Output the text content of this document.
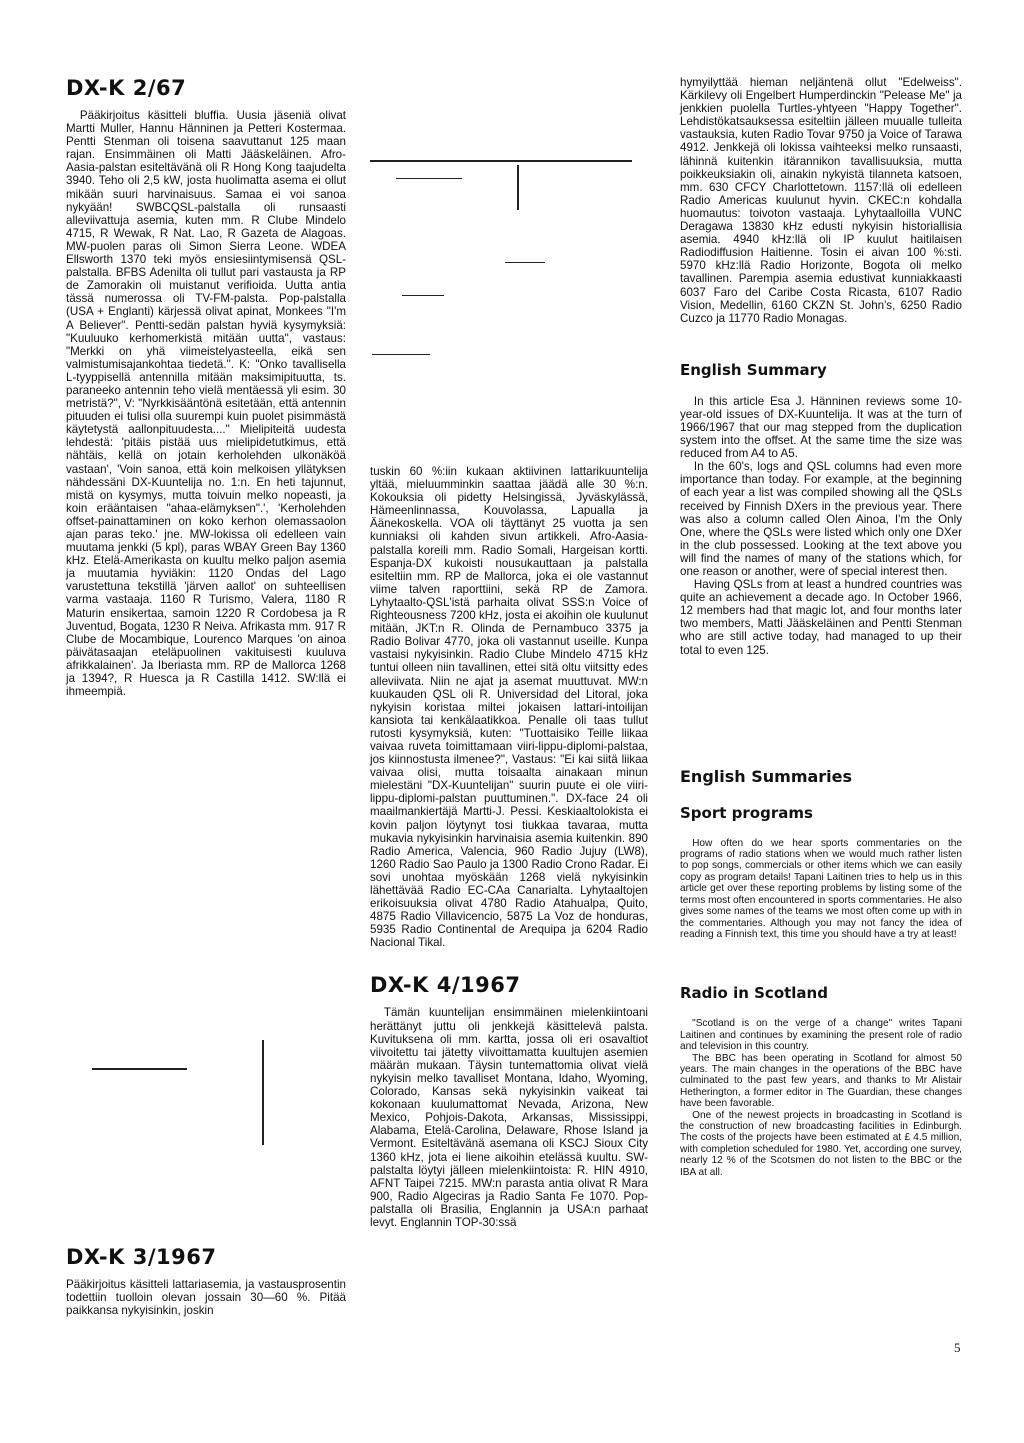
DX-K 2/67

Pääkirjoitus käsitteli bluffia. Uusia jäseniä olivat Martti Muller, Hannu Hänninen ja Petteri Kostermaa. Pentti Stenman oli toisena saavuttanut 125 maan rajan. Ensimmäinen oli Matti Jääskeläinen. Afro-Aasia-palstan esiteltävänä oli R Hong Kong taajudelta 3940. Teho oli 2,5 kW, josta huolimatta asema ei ollut mikään suuri harvinaisuus. Samaa ei voi sanoa nykyään! SWBCQSL-palstalla oli runsaasti alleviivattuja asemia, kuten mm. R Clube Mindelo 4715, R Wewak, R Nat. Lao, R Gazeta de Alagoas. MW-puolen paras oli Simon Sierra Leone. WDEA Ellsworth 1370 teki myös ensiesiintymisensä QSL-palstalla. BFBS Adenilta oli tullut pari vastausta ja RP de Zamorakin oli muistanut verifioida. Uutta antia tässä numerossa oli TV-FM-palsta. Pop-palstalla (USA + Englanti) kärjessä olivat apinat, Monkees "I'm A Believer". Pentti-sedän palstan hyviä kysymyksiä: "Kuuluuko kerhomerkistä mitään uutta", vastaus: "Merkki on yhä viimeistelyasteella, eikä sen valmistumisajankohtaa tiedetä.". K: "Onko tavallisella L-tyyppisellä antennilla mitään maksimipituutta, ts. paraneeko antennin teho vielä mentäessä yli esim. 30 metristä?", V: "Nyrkkisääntönä esitetään, että antennin pituuden ei tulisi olla suurempi kuin puolet pisimmästä käytetystä aallonpituudesta...." Mielipiteitä uudesta lehdestä: 'pitäis pistää uus mielipidetutkimus, että nähtäis, kellä on jotain kerholehden ulkonäköä vastaan', 'Voin sanoa, että koin melkoisen yllätyksen nähdessäni DX-Kuuntelija no. 1:n. En heti tajunnut, mistä on kysymys, mutta toivuin melko nopeasti, ja koin erääntaisen "ahaa-elämyksen".', 'Kerholehden offset-painattaminen on koko kerhon olemassaolon ajan paras teko.' jne. MW-lokissa oli edelleen vain muutama jenkki (5 kpl), paras WBAY Green Bay 1360 kHz. Etelä-Amerikasta on kuultu melko paljon asemia ja muutamia hyviäkin: 1120 Ondas del Lago varustettuna tekstillä 'järven aallot' on suhteellisen varma vastaaja. 1160 R Turismo, Valera, 1180 R Maturin ensikertaa, samoin 1220 R Cordobesa ja R Juventud, Bogata, 1230 R Neiva. Afrikasta mm. 917 R Clube de Mocambique, Lourenco Marques 'on ainoa päivätasaajan eteläpuolinen vakituisesti kuuluva afrikkalainen'. Ja Iberiasta mm. RP de Mallorca 1268 ja 1394?, R Huesca ja R Castilla 1412. SW:llä ei ihmeempiä.

DX-K 3/1967

Pääkirjoitus käsitteli lattariasemia, ja vastausprosentin todettiin tuolloin olevan jossain 30—60 %. Pitää paikkansa nykyisinkin, joskin

tuskin 60 %:iin kukaan aktiivinen lattarikuuntelija yltää, mieluumminkin saattaa jäädä alle 30 %:n. Kokouksia oli pidetty Helsingissä, Jyväskylässä, Hämeenlinnassa, Kouvolassa, Lapualla ja Äänekoskella. VOA oli täyttänyt 25 vuotta ja sen kunniaksi oli kahden sivun artikkeli. Afro-Aasia-palstalla koreili mm. Radio Somali, Hargeisan kortti. Espanja-DX kukoisti nousukauttaan ja palstalla esiteltiin mm. RP de Mallorca, joka ei ole vastannut viime talven raporttiini, sekä RP de Zamora. Lyhytaalto-QSL'istä parhaita olivat SSS:n Voice of Righteousness 7200 kHz, josta ei akoihin ole kuulunut mitään, JKT:n R. Olinda de Pernambuco 3375 ja Radio Bolivar 4770, joka oli vastannut useille. Kunpa vastaisi nykyisinkin. Radio Clube Mindelo 4715 kHz tuntui olleen niin tavallinen, ettei sitä oltu viitsitty edes alleviivata. Niin ne ajat ja asemat muuttuvat. MW:n kuukauden QSL oli R. Universidad del Litoral, joka nykyisin koristaa miltei jokaisen lattari-intoilijan kansiota tai kenkälaatikkoa. Penalle oli taas tullut rutosti kysymyksiä, kuten: "Tuottaisiko Teille liikaa vaivaa ruveta toimittamaan viiri-lippu-diplomi-palstaa, jos kiinnostusta ilmenee?", Vastaus: "Ei kai siitä liikaa vaivaa olisi, mutta toisaalta ainakaan minun mielestäni "DX-Kuuntelijan" suurin puute ei ole viiri-lippu-diplomi-palstan puuttuminen.". DX-face 24 oli maailmankiertäjä Martti-J. Pessi. Keskiaaltolokista ei kovin paljon löytynyt tosi tiukkaa tavaraa, mutta mukavia nykyisinkin harvinaisia asemia kuitenkin. 890 Radio America, Valencia, 960 Radio Jujuy (LW8), 1260 Radio Sao Paulo ja 1300 Radio Crono Radar. Ei sovi unohtaa myöskään 1268 vielä nykyisinkin lähettävää Radio EC-CAa Canarialta. Lyhytaaltojen erikoisuuksia olivat 4780 Radio Atahualpa, Quito, 4875 Radio Villavicencio, 5875 La Voz de honduras, 5935 Radio Continental de Arequipa ja 6204 Radio Nacional Tikal.

DX-K 4/1967

Tämän kuuntelijan ensimmäinen mielenkiintoani herättänyt juttu oli jenkkejä käsittelevä palsta. Kuvituksena oli mm. kartta, jossa oli eri osavaltiot viivoitettu tai jätetty viivoittamatta kuultujen asemien määrän mukaan. Täysin tuntemattomia olivat vielä nykyisin melko tavalliset Montana, Idaho, Wyoming, Colorado, Kansas sekä nykyisinkin vaikeat tai kokonaan kuulumattomat Nevada, Arizona, New Mexico, Pohjois-Dakota, Arkansas, Mississippi, Alabama, Etelä-Carolina, Delaware, Rhose Island ja Vermont. Esiteltävänä asemana oli KSCJ Sioux City 1360 kHz, jota ei liene aikoihin etelässä kuultu. SW-palstalta löytyi jälleen mielenkiintoista: R. HIN 4910, AFNT Taipei 7215. MW:n parasta antia olivat R Mara 900, Radio Algeciras ja Radio Santa Fe 1070. Pop-palstalla oli Brasilia, Englannin ja USA:n parhaat levyt. Englannin TOP-30:ssä

hymyilyttää hieman neljäntenä ollut "Edelweiss". Kärkilevy oli Engelbert Humperdinckin "Pelease Me" ja jenkkien puolella Turtles-yhtyeen "Happy Together". Lehdistökatsauksessa esiteltiin jälleen muualle tulleita vastauksia, kuten Radio Tovar 9750 ja Voice of Tarawa 4912. Jenkkejä oli lokissa vaihteeksi melko runsaasti, lähinnä kuitenkin itärannikon tavallisuuksia, mutta poikkeuksiakin oli, ainakin nykyistä tilanneta katsoen, mm. 630 CFCY Charlottetown. 1157:llä oli edelleen Radio Americas kuulunut hyvin. CKEC:n kohdalla huomautus: toivoton vastaaja. Lyhytaalloilla VUNC Deragawa 13830 kHz edusti nykyisin historiallisia asemia. 4940 kHz:llä oli IP kuulut haitilaisen Radiodiffusion Haitienne. Tosin ei aivan 100 %:sti. 5970 kHz:llä Radio Horizonte, Bogota oli melko tavallinen. Parempia asemia edustivat kunniakkaasti 6037 Faro del Caribe Costa Ricasta, 6107 Radio Vision, Medellin, 6160 CKZN St. John's, 6250 Radio Cuzco ja 11770 Radio Monagas.

English Summary

In this article Esa J. Hänninen reviews some 10-year-old issues of DX-Kuuntelija. It was at the turn of 1966/1967 that our mag stepped from the duplication system into the offset. At the same time the size was reduced from A4 to A5.

In the 60's, logs and QSL columns had even more importance than today. For example, at the beginning of each year a list was compiled showing all the QSLs received by Finnish DXers in the previous year. There was also a column called Olen Ainoa, I'm the Only One, where the QSLs were listed which only one DXer in the club possessed. Looking at the text above you will find the names of many of the stations which, for one reason or another, were of special interest then.

Having QSLs from at least a hundred countries was quite an achievement a decade ago. In October 1966, 12 members had that magic lot, and four months later two members, Matti Jääskeläinen and Pentti Stenman who are still active today, had managed to up their total to even 125.

English Summaries
Sport programs

How often do we hear sports commentaries on the programs of radio stations when we would much rather listen to pop songs, commercials or other items which we can easily copy as program details! Tapani Laitinen tries to help us in this article get over these reporting problems by listing some of the terms most often encountered in sports commentaries. He also gives some names of the teams we most often come up with in the commentaries. Although you may not fancy the idea of reading a Finnish text, this time you should have a try at least!

Radio in Scotland

"Scotland is on the verge of a change" writes Tapani Laitinen and continues by examining the present role of radio and television in this country.

The BBC has been operating in Scotland for almost 50 years. The main changes in the operations of the BBC have culminated to the past few years, and thanks to Mr Alistair Hetherington, a former editor in The Guardian, these changes have been favorable.

One of the newest projects in broadcasting in Scotland is the construction of new broadcasting facilities in Edinburgh. The costs of the projects have been estimated at £ 4.5 million, with completion scheduled for 1980. Yet, according one survey, nearly 12 % of the Scotsmen do not listen to the BBC or the IBA at all.

5
